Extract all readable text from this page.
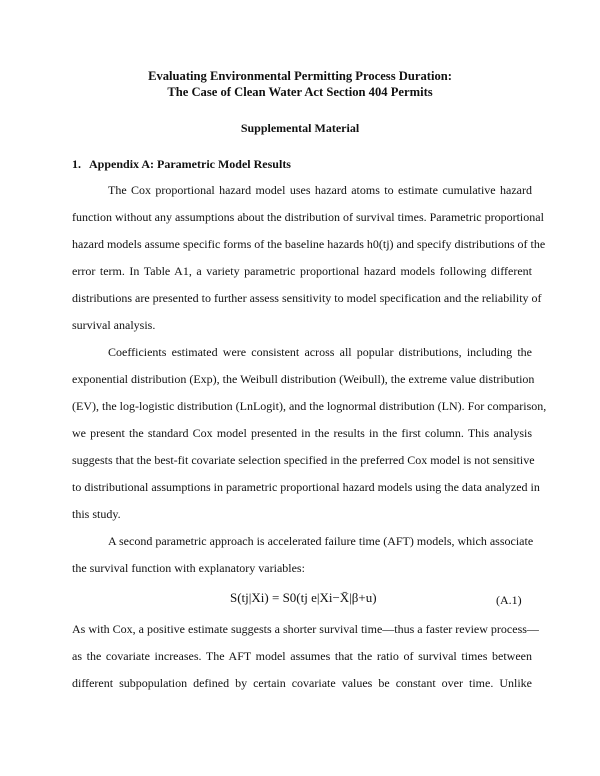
Evaluating Environmental Permitting Process Duration:
The Case of Clean Water Act Section 404 Permits
Supplemental Material
1. Appendix A: Parametric Model Results
The Cox proportional hazard model uses hazard atoms to estimate cumulative hazard
function without any assumptions about the distribution of survival times. Parametric proportional
hazard models assume specific forms of the baseline hazards h0(tj) and specify distributions of the
error term. In Table A1, a variety parametric proportional hazard models following different
distributions are presented to further assess sensitivity to model specification and the reliability of
survival analysis.
Coefficients estimated were consistent across all popular distributions, including the
exponential distribution (Exp), the Weibull distribution (Weibull), the extreme value distribution
(EV), the log-logistic distribution (LnLogit), and the lognormal distribution (LN). For comparison,
we present the standard Cox model presented in the results in the first column. This analysis
suggests that the best-fit covariate selection specified in the preferred Cox model is not sensitive
to distributional assumptions in parametric proportional hazard models using the data analyzed in
this study.
A second parametric approach is accelerated failure time (AFT) models, which associate
the survival function with explanatory variables:
S(tj|Xi) = S0(tj e|Xi−X̄|β+u)	(A.1)
As with Cox, a positive estimate suggests a shorter survival time—thus a faster review process—
as the covariate increases. The AFT model assumes that the ratio of survival times between
different subpopulation defined by certain covariate values be constant over time. Unlike
